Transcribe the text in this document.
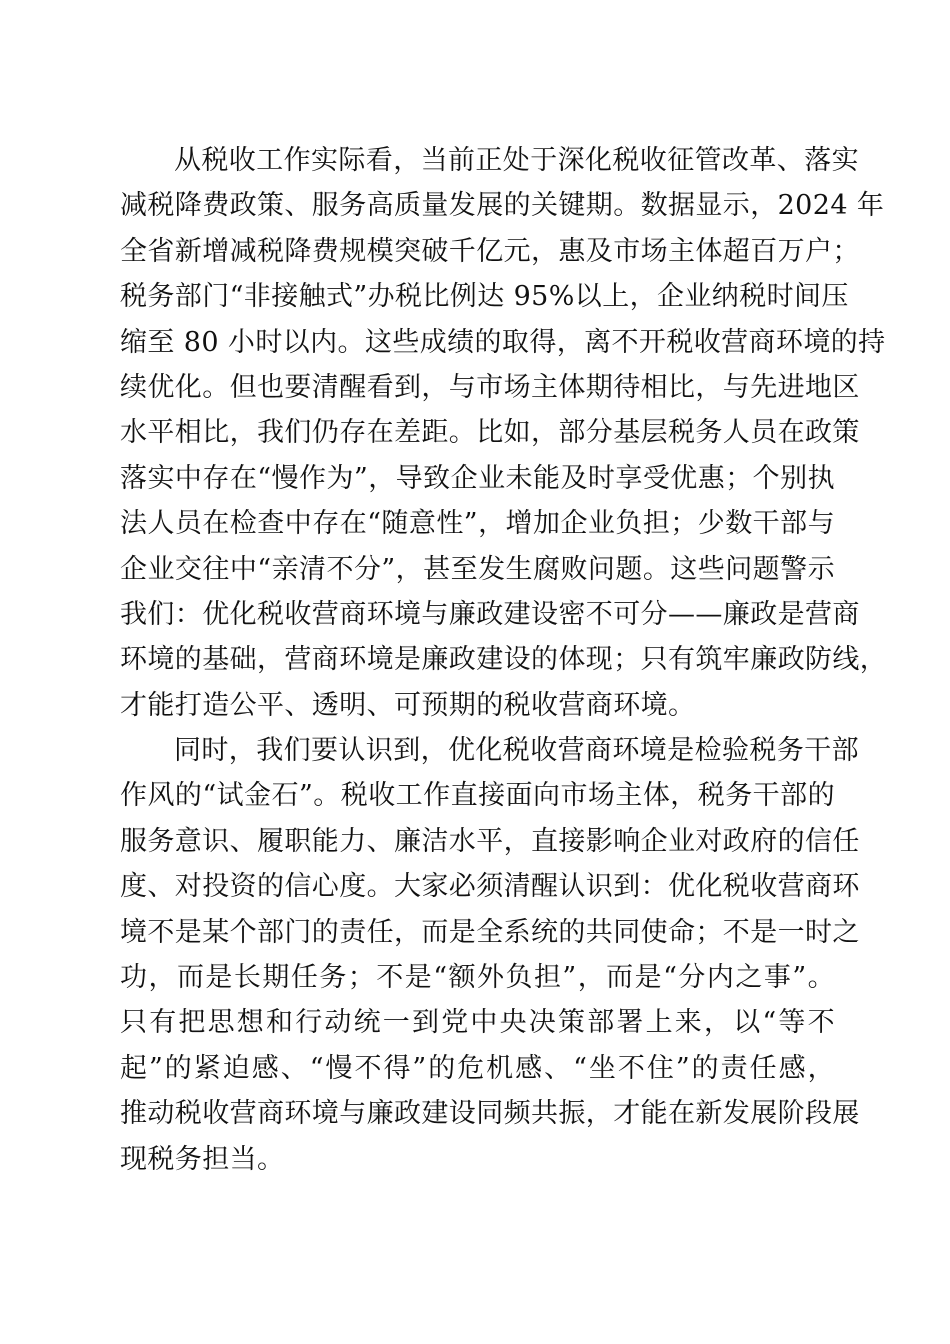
从税收工作实际看，当前正处于深化税收征管改革、落实
减税降费政策、服务高质量发展的关键期。数据显示，2024 年
全省新增减税降费规模突破千亿元，惠及市场主体超百万户；
税务部门“非接触式”办税比例达 95%以上，企业纳税时间压
缩至 80 小时以内。这些成绩的取得，离不开税收营商环境的持
续优化。但也要清醒看到，与市场主体期待相比，与先进地区
水平相比，我们仍存在差距。比如，部分基层税务人员在政策
落实中存在“慢作为”，导致企业未能及时享受优惠；个别执
法人员在检查中存在“随意性”，增加企业负担；少数干部与
企业交往中“亲清不分”，甚至发生腐败问题。这些问题警示
我们：优化税收营商环境与廉政建设密不可分——廉政是营商
环境的基础，营商环境是廉政建设的体现；只有筑牢廉政防线，
才能打造公平、透明、可预期的税收营商环境。
同时，我们要认识到，优化税收营商环境是检验税务干部
作风的“试金石”。税收工作直接面向市场主体，税务干部的
服务意识、履职能力、廉洁水平，直接影响企业对政府的信任
度、对投资的信心度。大家必须清醒认识到：优化税收营商环
境不是某个部门的责任，而是全系统的共同使命；不是一时之
功，而是长期任务；不是“额外负担”，而是“分内之事”。
只有把思想和行动统一到党中央决策部署上来，以“等不
起”的紧迫感、“慢不得”的危机感、“坐不住”的责任感，
推动税收营商环境与廉政建设同频共振，才能在新发展阶段展
现税务担当。
